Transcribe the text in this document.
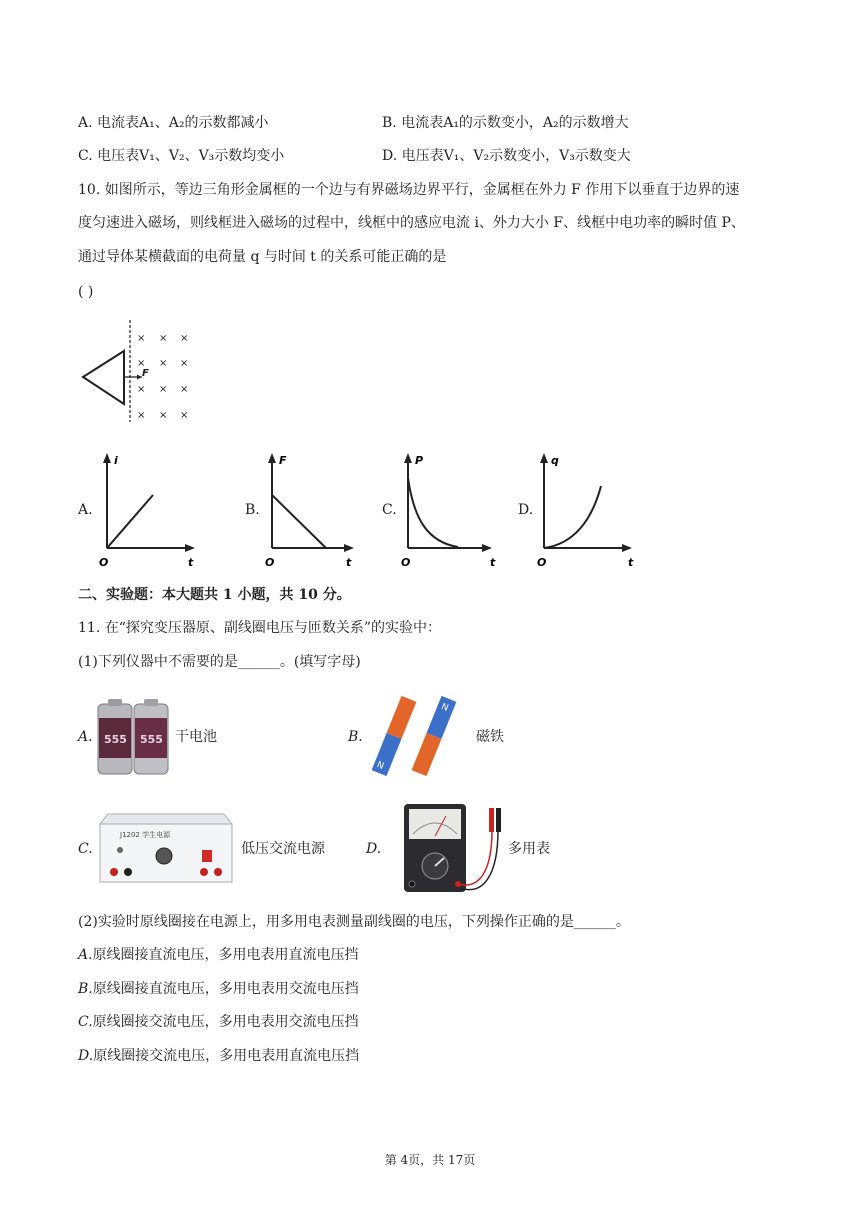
A. 电流表A₁、A₂的示数都减小	B. 电流表A₁的示数变小，A₂的示数增大
C. 电压表V₁、V₂、V₃示数均变小	D. 电压表V₁、V₂示数变小，V₃示数变大
10. 如图所示，等边三角形金属框的一个边与有界磁场边界平行，金属框在外力 F 作用下以垂直于边界的速
度匀速进入磁场，则线框进入磁场的过程中，线框中的感应电流 i、外力大小 F、线框中电功率的瞬时值 P、
通过导体某横截面的电荷量 q 与时间 t 的关系可能正确的是
( )
F
× × ×
× × ×
× × ×
× × ×
A.
i
t
O
B.
F
t
O
C.
P
t
O
D.
q
t
O
二、实验题：本大题共 1 小题，共 10 分。
11. 在“探究变压器原、副线圈电压与匝数关系”的实验中：
(1)下列仪器中不需要的是______。(填写字母)
A. 555 555 干电池	B.
N
N
磁铁
C.
J1202 学生电源
低压交流电源	D.	多用表
(2)实验时原线圈接在电源上，用多用电表测量副线圈的电压，下列操作正确的是______。
A.原线圈接直流电压，多用电表用直流电压挡
B.原线圈接直流电压，多用电表用交流电压挡
C.原线圈接交流电压，多用电表用交流电压挡
D.原线圈接交流电压，多用电表用直流电压挡
第 4页，共 17页
